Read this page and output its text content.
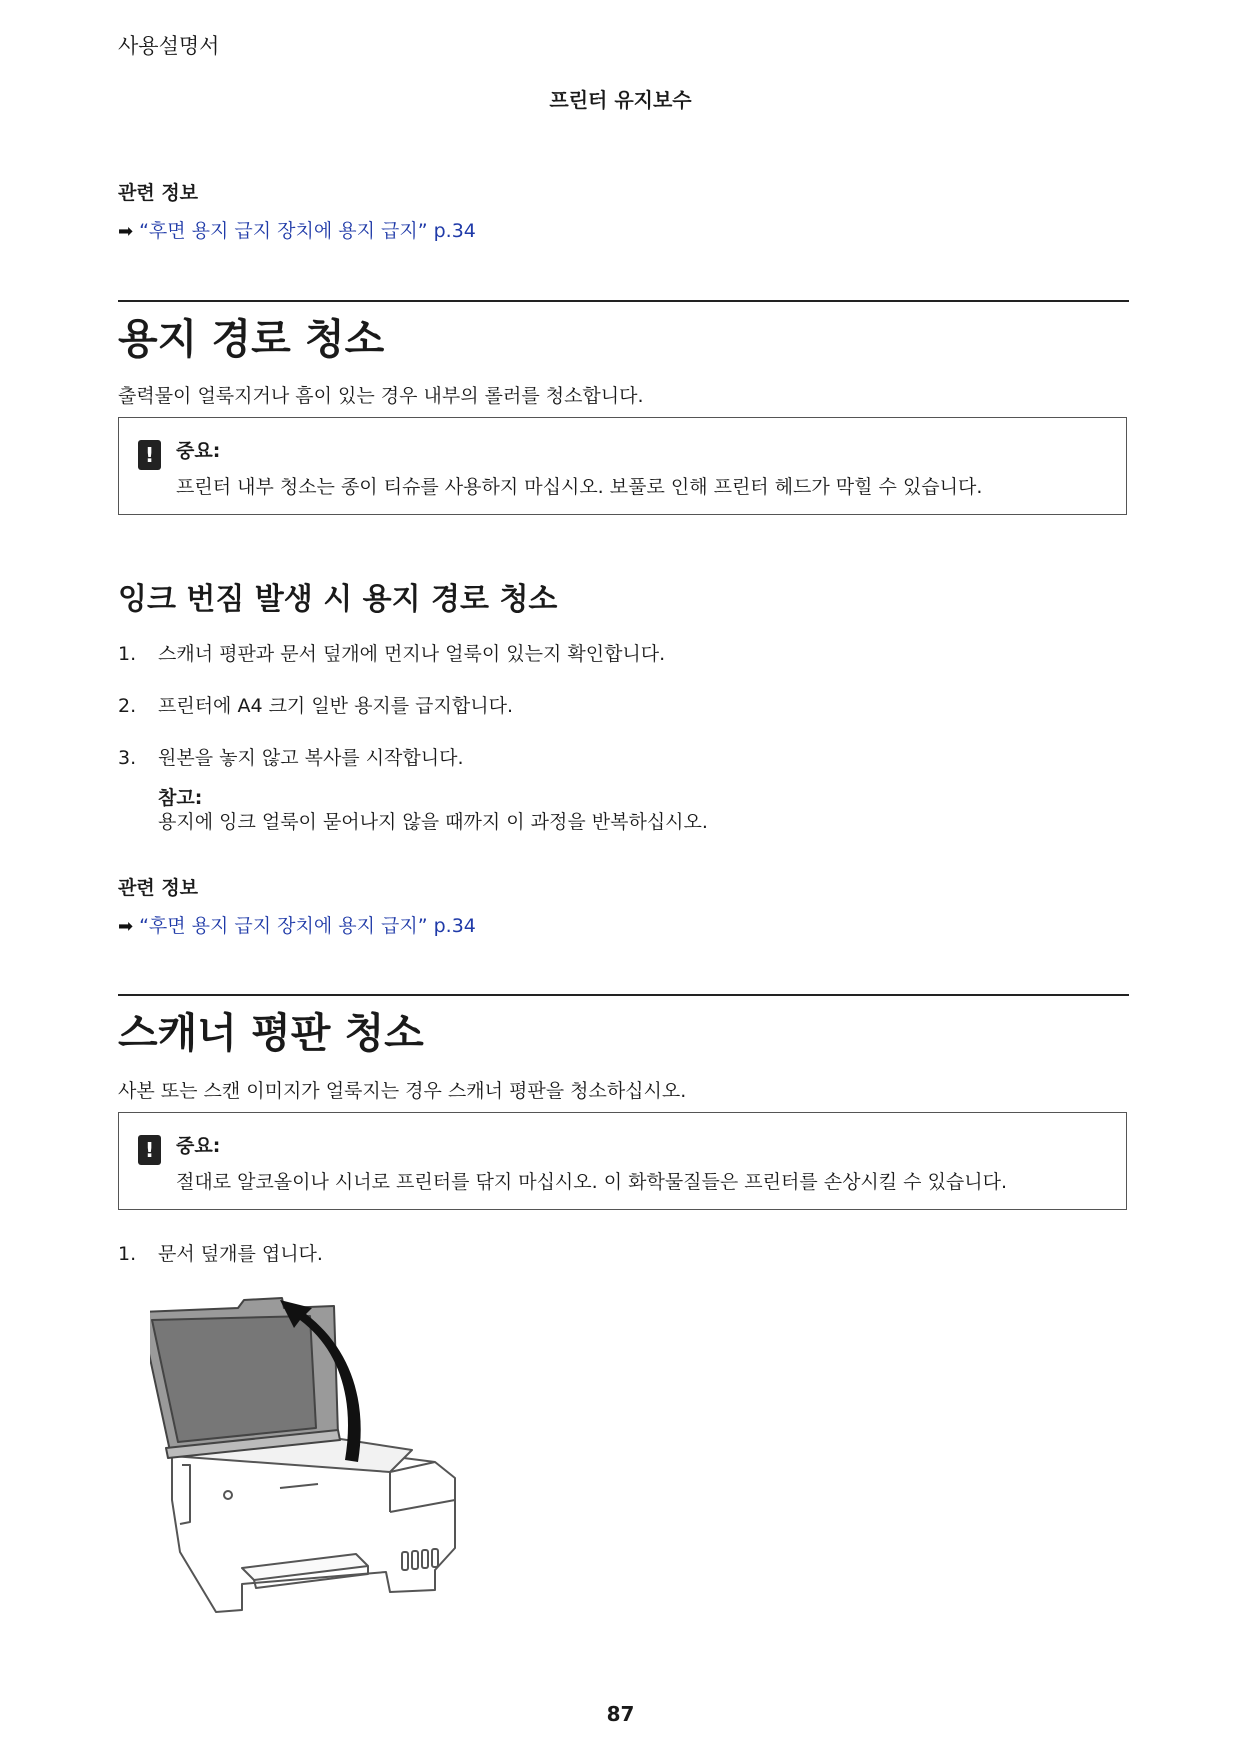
사용설명서
프린터 유지보수
관련 정보
➡ “후면 용지 급지 장치에 용지 급지” p.34
용지 경로 청소
출력물이 얼룩지거나 흠이 있는 경우 내부의 롤러를 청소합니다.
!	중요:
프린터 내부 청소는 종이 티슈를 사용하지 마십시오. 보풀로 인해 프린터 헤드가 막힐 수 있습니다.
잉크 번짐 발생 시 용지 경로 청소
1. 스캐너 평판과 문서 덮개에 먼지나 얼룩이 있는지 확인합니다.
2. 프린터에 A4 크기 일반 용지를 급지합니다.
3. 원본을 놓지 않고 복사를 시작합니다.
참고:
용지에 잉크 얼룩이 묻어나지 않을 때까지 이 과정을 반복하십시오.
관련 정보
➡ “후면 용지 급지 장치에 용지 급지” p.34
스캐너 평판 청소
사본 또는 스캔 이미지가 얼룩지는 경우 스캐너 평판을 청소하십시오.
!	중요:
절대로 알코올이나 시너로 프린터를 닦지 마십시오. 이 화학물질들은 프린터를 손상시킬 수 있습니다.
1. 문서 덮개를 엽니다.
87
